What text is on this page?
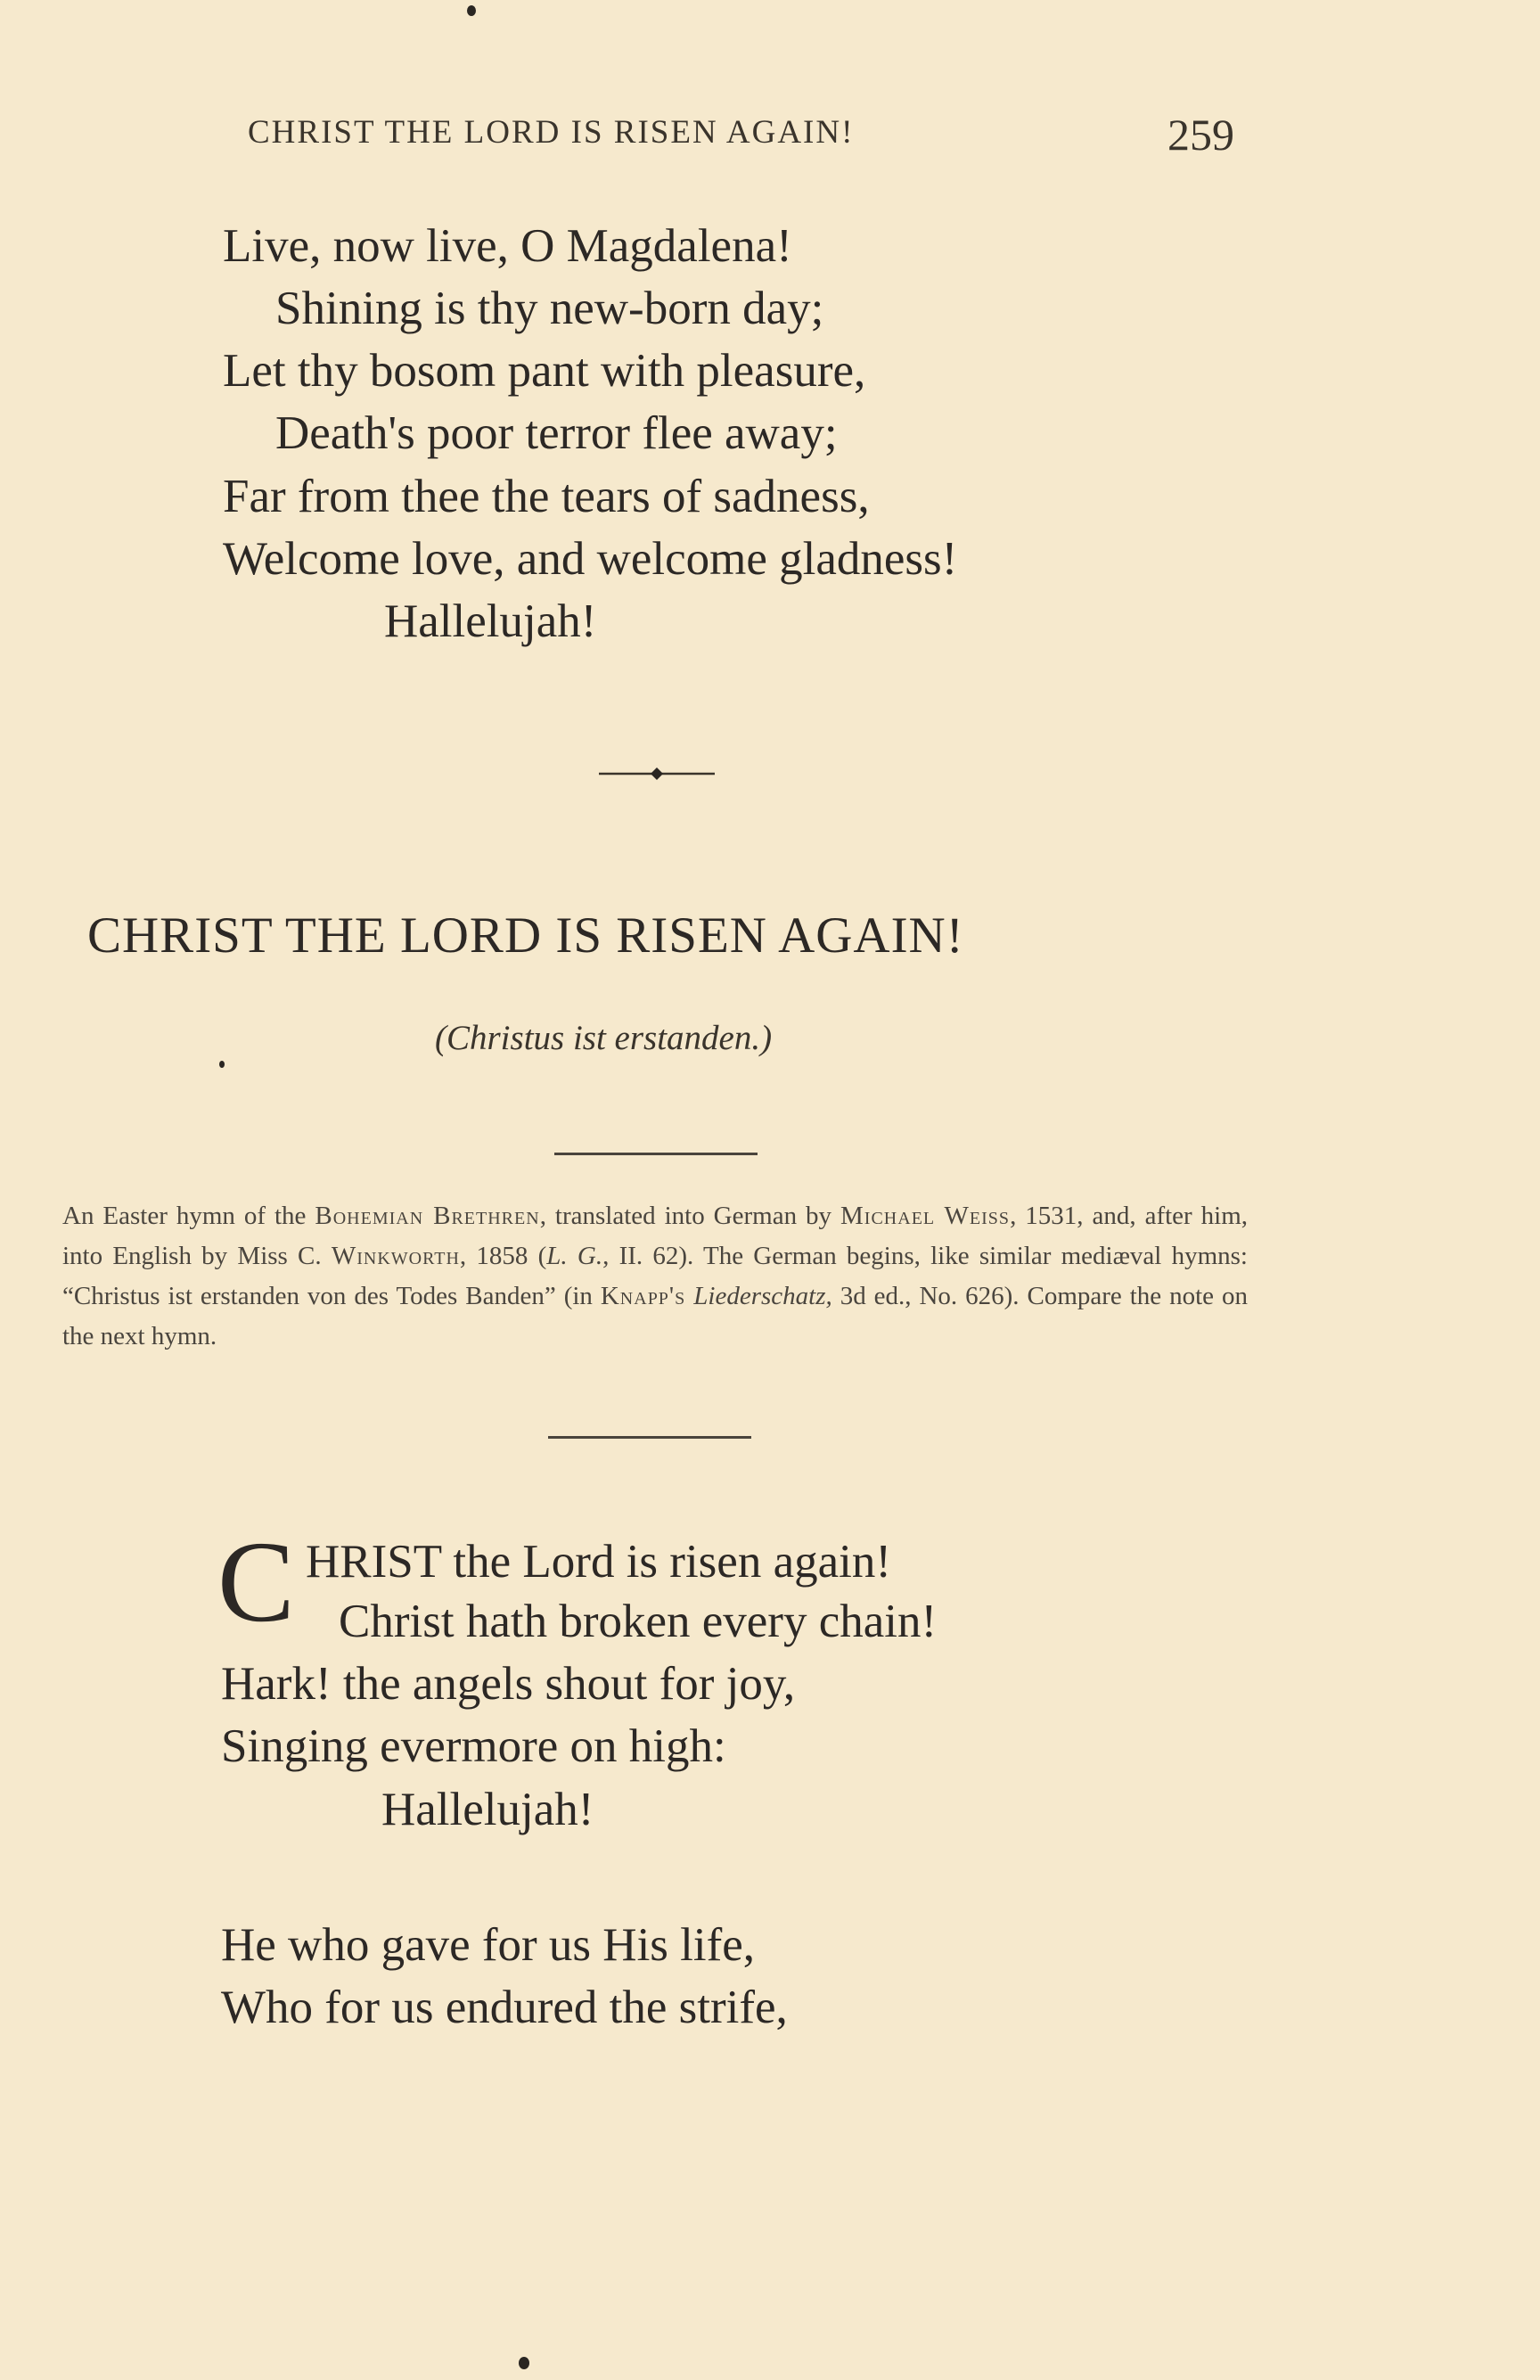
CHRIST THE LORD IS RISEN AGAIN!	259
Live, now live, O Magdalena!
Shining is thy new-born day;
Let thy bosom pant with pleasure,
Death's poor terror flee away;
Far from thee the tears of sadness,
Welcome love, and welcome gladness!
Hallelujah!
CHRIST THE LORD IS RISEN AGAIN!
(Christus ist erstanden.)

An Easter hymn of the Bohemian Brethren, translated into German by Michael Weiss, 1531, and, after him, into English by Miss C. Winkworth, 1858 (L. G., II. 62). The German begins, like similar mediæval hymns: “Christus ist erstanden von des Todes Banden” (in Knapp's Liederschatz, 3d ed., No. 626). Compare the note on the next hymn.

C HRIST the Lord is risen again!
Christ hath broken every chain!
Hark! the angels shout for joy,
Singing evermore on high:
Hallelujah!
He who gave for us His life,
Who for us endured the strife,
